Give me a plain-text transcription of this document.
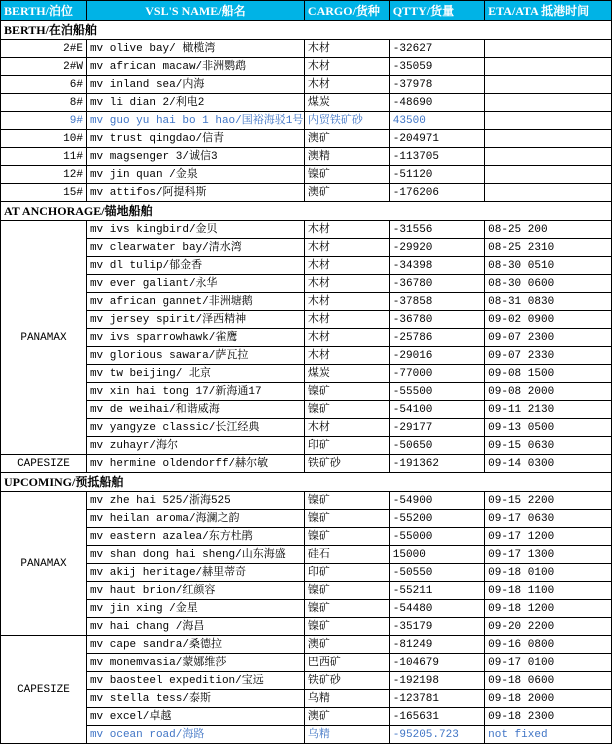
BERTH/泊位	VSL'S NAME/船名	CARGO/货种	QTTY/货量	ETA/ATA 抵港时间
BERTH/在泊船舶				
2#E	mv olive bay/ 橄榄湾	木材	-32627	
2#W	mv african macaw/非洲鹦鹉	木材	-35059	
6#	mv inland sea/内海	木材	-37978	
8#	mv li dian 2/利电2	煤炭	-48690	
9#	mv guo yu hai bo 1 hao/国裕海驳1号	内贸铁矿砂	43500	
10#	mv trust qingdao/信青	澳矿	-204971	
11#	mv magsenger 3/诚信3	澳精	-113705	
12#	mv jin quan /金泉	镍矿	-51120	
15#	mv attifos/阿提科斯	澳矿	-176206	
AT ANCHORAGE/锚地船舶				
PANAMAX	mv ivs kingbird/金贝	木材	-31556	08-25 200
	mv clearwater bay/清水湾	木材	-29920	08-25 2310
	mv dl tulip/郁金香	木材	-34398	08-30 0510
	mv ever galiant/永华	木材	-36780	08-30 0600
	mv african gannet/非洲塘鹅	木材	-37858	08-31 0830
	mv jersey spirit/泽西精神	木材	-36780	09-02 0900
	mv ivs sparrowhawk/雀鹰	木材	-25786	09-07 2300
	mv glorious sawara/萨瓦拉	木材	-29016	09-07 2330
	mv tw beijing/ 北京	煤炭	-77000	09-08 1500
	mv xin hai tong 17/新海通17	镍矿	-55500	09-08 2000
	mv de weihai/和谐威海	镍矿	-54100	09-11 2130
	mv yangyze classic/长江经典	木材	-29177	09-13 0500
	mv zuhayr/海尔	印矿	-50650	09-15 0630
CAPESIZE	mv hermine oldendorff/赫尔敏	铁矿砂	-191362	09-14 0300
UPCOMING/预抵船舶				
PANAMAX	mv zhe hai 525/浙海525	镍矿	-54900	09-15 2200
	mv heilan aroma/海澜之韵	镍矿	-55200	09-17 0630
	mv eastern azalea/东方杜鹃	镍矿	-55000	09-17 1200
	mv shan dong hai sheng/山东海盛	硅石	15000	09-17 1300
	mv akij heritage/赫里蒂奇	印矿	-50550	09-18 0100
	mv haut brion/红颜容	镍矿	-55211	09-18 1100
	mv jin xing /金星	镍矿	-54480	09-18 1200
	mv hai chang /海昌	镍矿	-35179	09-20 2200
CAPESIZE	mv cape sandra/桑德拉	澳矿	-81249	09-16 0800
	mv monemvasia/蒙娜维莎	巴西矿	-104679	09-17 0100
	mv baosteel expedition/宝远	铁矿砂	-192198	09-18 0600
	mv stella tess/泰斯	乌精	-123781	09-18 2000
	mv excel/卓越	澳矿	-165631	09-18 2300
	mv ocean road/海路	乌精	-95205.723	not fixed
